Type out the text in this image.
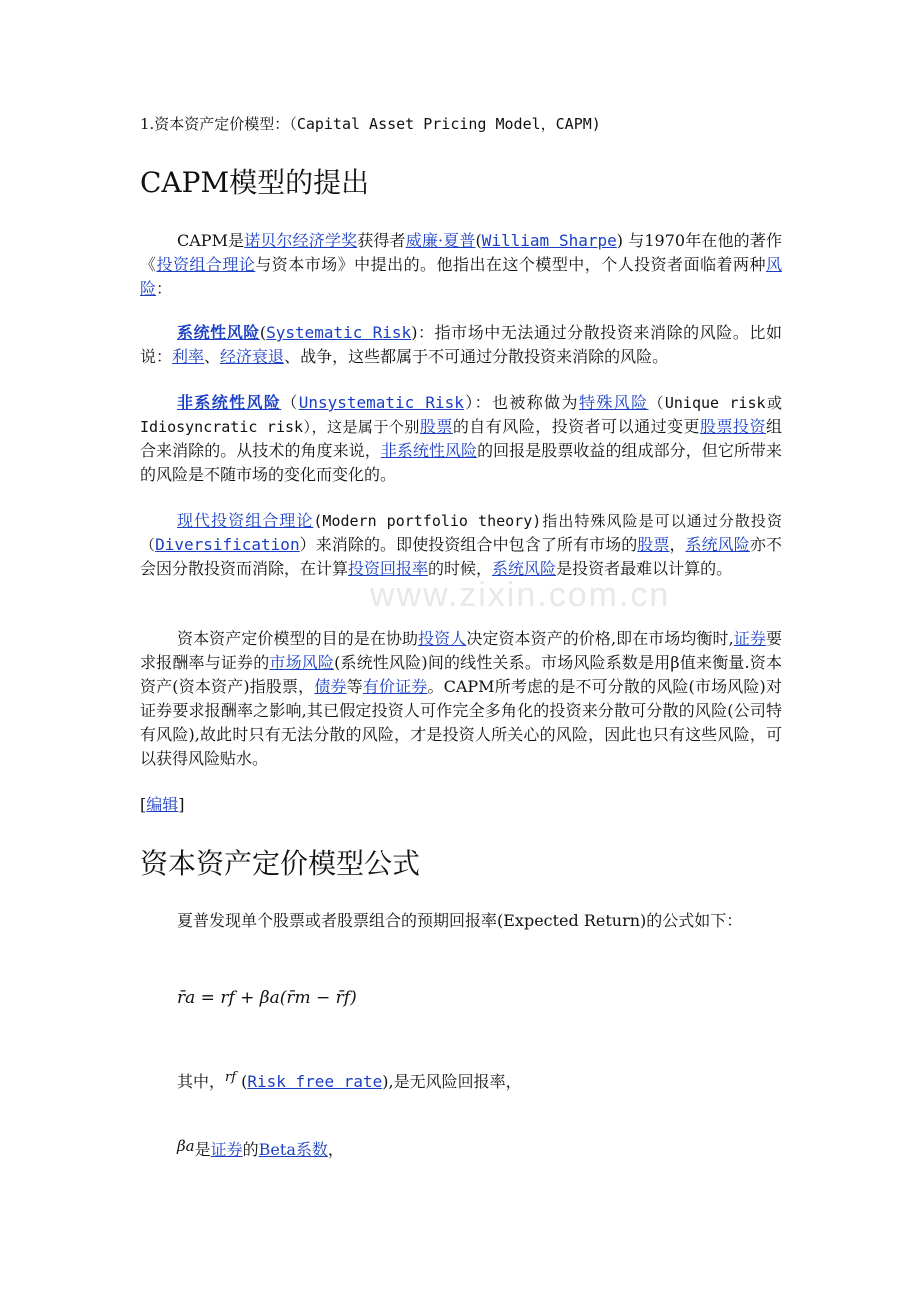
www.zixin.com.cn
1.资本资产定价模型：（Capital Asset Pricing Model，CAPM)
CAPM模型的提出

CAPM是诺贝尔经济学奖获得者威廉·夏普(William Sharpe) 与1970年在他的著作《投资组合理论与资本市场》中提出的。他指出在这个模型中，个人投资者面临着两种风险：

系统性风险(Systematic Risk)：指市场中无法通过分散投资来消除的风险。比如说：利率、经济衰退、战争，这些都属于不可通过分散投资来消除的风险。

非系统性风险（Unsystematic Risk）：也被称做为特殊风险（Unique risk或Idiosyncratic risk），这是属于个别股票的自有风险，投资者可以通过变更股票投资组合来消除的。从技术的角度来说，非系统性风险的回报是股票收益的组成部分，但它所带来的风险是不随市场的变化而变化的。

现代投资组合理论(Modern portfolio theory)指出特殊风险是可以通过分散投资（Diversification）来消除的。即使投资组合中包含了所有市场的股票，系统风险亦不会因分散投资而消除，在计算投资回报率的时候，系统风险是投资者最难以计算的。

资本资产定价模型的目的是在协助投资人决定资本资产的价格,即在市场均衡时,证券要求报酬率与证券的市场风险(系统性风险)间的线性关系。市场风险系数是用β值来衡量.资本资产(资本资产)指股票，债券等有价证券。CAPM所考虑的是不可分散的风险(市场风险)对证券要求报酬率之影响,其已假定投资人可作完全多角化的投资来分散可分散的风险(公司特有风险),故此时只有无法分散的风险，才是投资人所关心的风险，因此也只有这些风险，可以获得风险贴水。

[编辑]
资本资产定价模型公式

夏普发现单个股票或者股票组合的预期回报率(Expected Return)的公式如下：

r̄a = rf + βa(r̄m − r̄f)

其中，$^{rf}$ (Risk free rate),是无风险回报率，

βa是证券的Beta系数，
